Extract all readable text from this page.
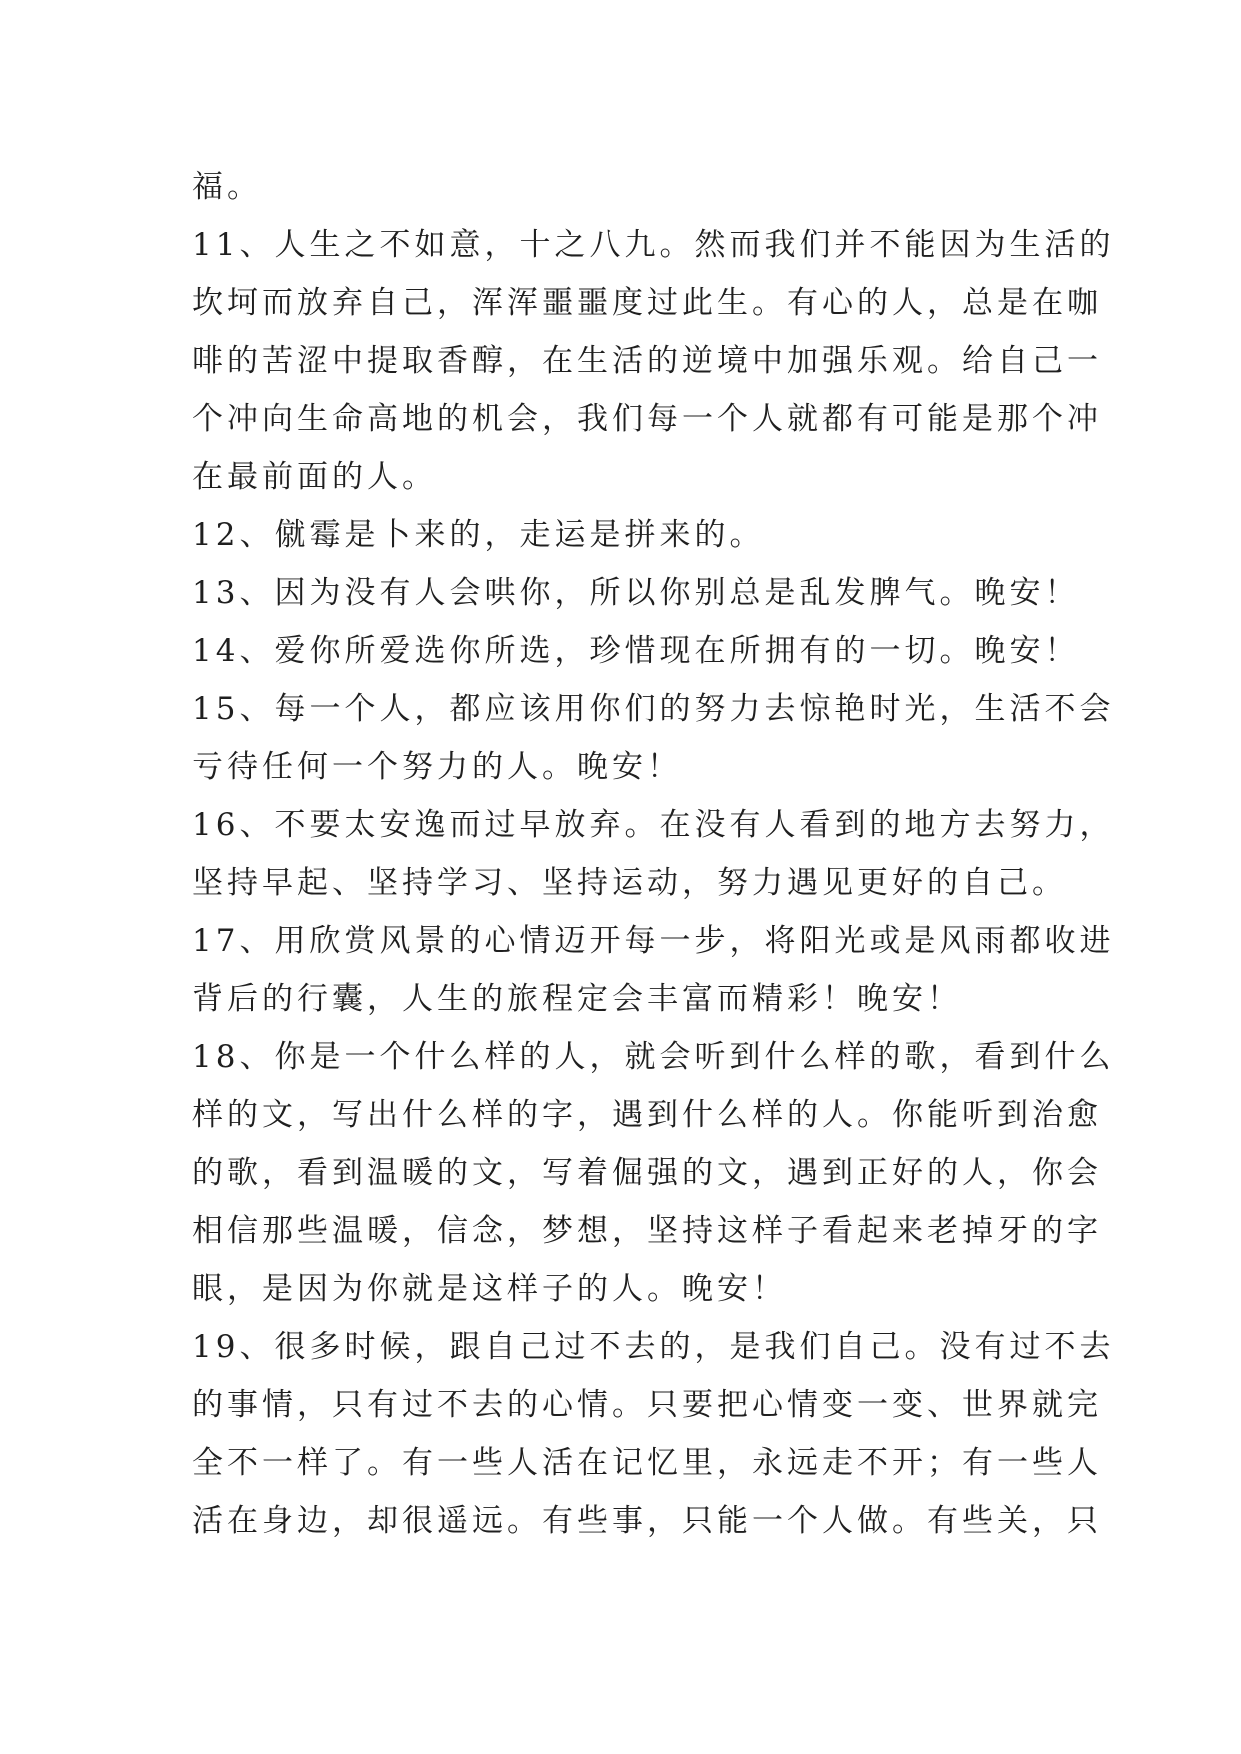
福。
11、人生之不如意，十之八九。然而我们并不能因为生活的
坎坷而放弃自己，浑浑噩噩度过此生。有心的人，总是在咖
啡的苦涩中提取香醇，在生活的逆境中加强乐观。给自己一
个冲向生命高地的机会，我们每一个人就都有可能是那个冲
在最前面的人。
12、僦霉是卜来的，走运是拼来的。
13、因为没有人会哄你，所以你别总是乱发脾气。晚安！
14、爱你所爱选你所选，珍惜现在所拥有的一切。晚安！
15、每一个人，都应该用你们的努力去惊艳时光，生活不会
亏待任何一个努力的人。晚安！
16、不要太安逸而过早放弃。在没有人看到的地方去努力，
坚持早起、坚持学习、坚持运动，努力遇见更好的自己。
17、用欣赏风景的心情迈开每一步，将阳光或是风雨都收进
背后的行囊，人生的旅程定会丰富而精彩！晚安！
18、你是一个什么样的人，就会听到什么样的歌，看到什么
样的文，写出什么样的字，遇到什么样的人。你能听到治愈
的歌，看到温暖的文，写着倔强的文，遇到正好的人，你会
相信那些温暖，信念，梦想，坚持这样子看起来老掉牙的字
眼，是因为你就是这样子的人。晚安！
19、很多时候，跟自己过不去的，是我们自己。没有过不去
的事情，只有过不去的心情。只要把心情变一变、世界就完
全不一样了。有一些人活在记忆里，永远走不开；有一些人
活在身边，却很遥远。有些事，只能一个人做。有些关，只
